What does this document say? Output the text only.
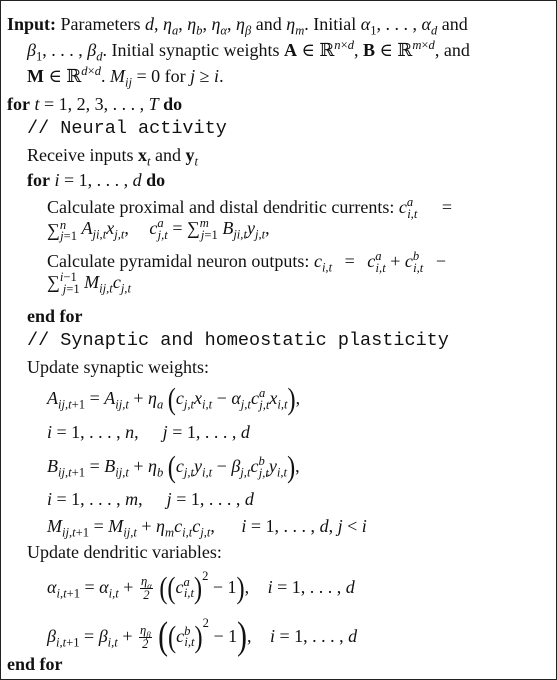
Input: Parameters d, $\eta_a$, $\eta_b$, $\eta_\alpha$, $\eta_\beta$ and $\eta_m$. Initial $\alpha_1$, . . . , $\alpha_d$ and
$\beta_1$, . . . , $\beta_d$. Initial synaptic weights A ∈ ℝ$^{n\times d}$, B ∈ ℝ$^{m\times d}$, and
M ∈ ℝ$^{d\times d}$. $M_{ij} = 0$ for j ≥ i.
for t = 1, 2, 3, . . . , T do
// Neural activity
Receive inputs $x_t$ and $y_t$
for i = 1, . . . , d do
Calculate proximal and distal dendritic currents: $c^a_{i,t}$ =
∑$^n_{j=1}$ $A_{ji,t}x_{j,t}$, $c^a_{j,t} = \sum^m_{j=1}$ $B_{ji,t}y_{j,t}$,
Calculate pyramidal neuron outputs: $c_{i,t} = c^a_{i,t} + c^b_{i,t}$ −
∑$^{i-1}_{j=1}$ $M_{ij,t}c_{j,t}$
end for
// Synaptic and homeostatic plasticity
Update synaptic weights:
$A_{ij,t+1} = A_{ij,t} + \eta_a$ $(c_{j,t}x_{i,t} - \alpha_{j,t}c^a_{j,t}x_{i,t})$,
i = 1, . . . , n, j = 1, . . . , d
$B_{ij,t+1} = B_{ij,t} + \eta_b$ $(c_{j,t}y_{i,t} - \beta_{j,t}c^b_{j,t}y_{i,t})$,
i = 1, . . . , m, j = 1, . . . , d
$M_{ij,t+1} = M_{ij,t} + \eta_mc_{i,t}c_{j,t}$, i = 1, . . . , d, j < i
Update dendritic variables:
$\alpha_{i,t+1} = \alpha_{i,t} + \frac{\eta_\alpha}{2} ((c^a_{i,t})^2 - 1)$, i = 1, . . . , d
$\beta_{i,t+1} = \beta_{i,t} + \frac{\eta_\beta}{2} ((c^b_{i,t})^2 - 1)$, i = 1, . . . , d
end for
